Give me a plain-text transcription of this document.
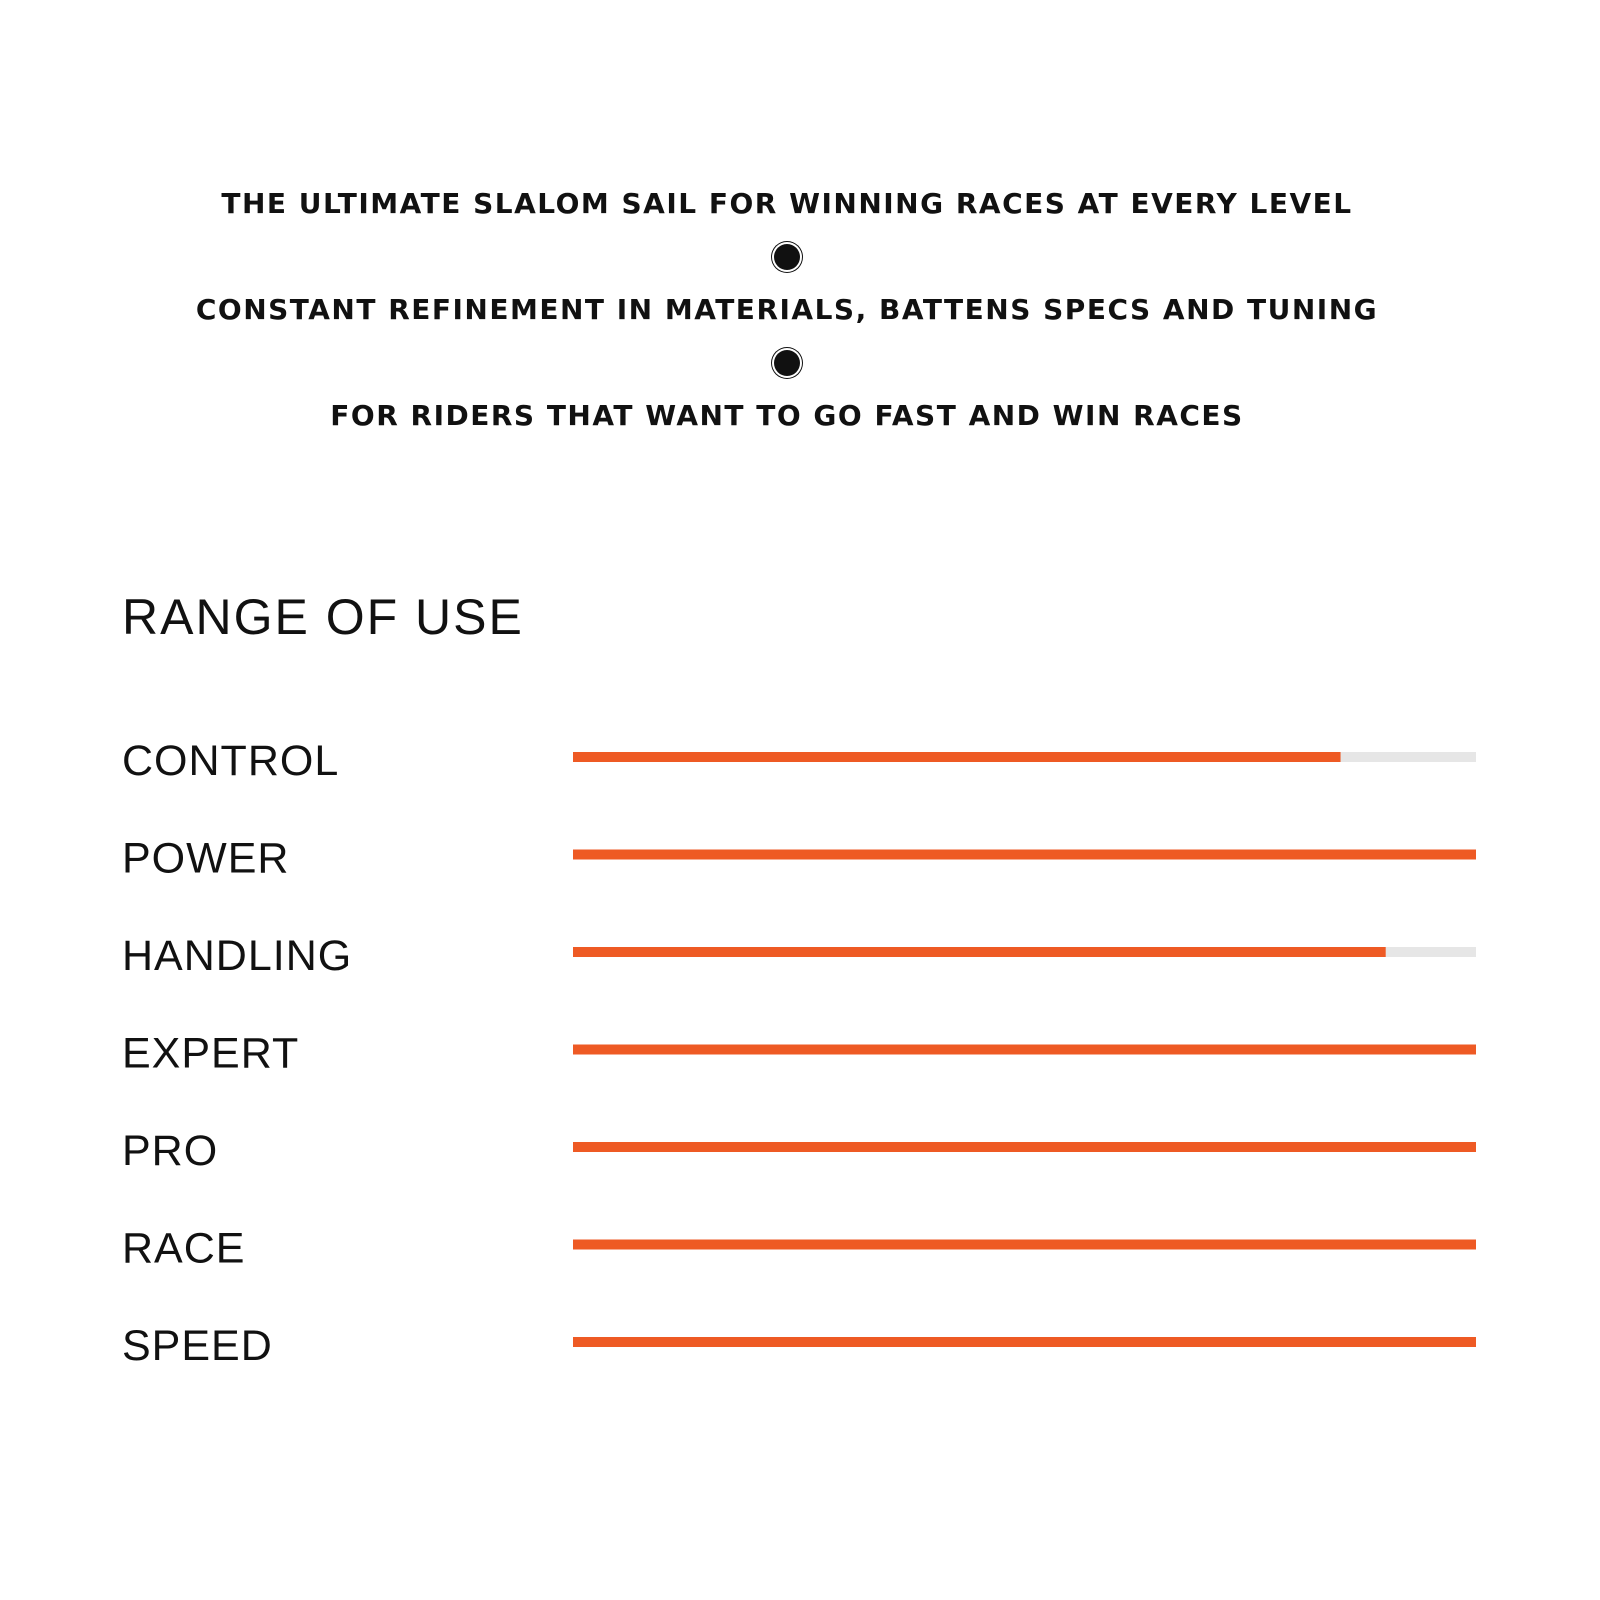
THE ULTIMATE SLALOM SAIL FOR WINNING RACES AT EVERY LEVEL
CONSTANT REFINEMENT IN MATERIALS, BATTENS SPECS AND TUNING
FOR RIDERS THAT WANT TO GO FAST AND WIN RACES
RANGE OF USE
CONTROL
POWER
HANDLING
EXPERT
PRO
RACE
SPEED
